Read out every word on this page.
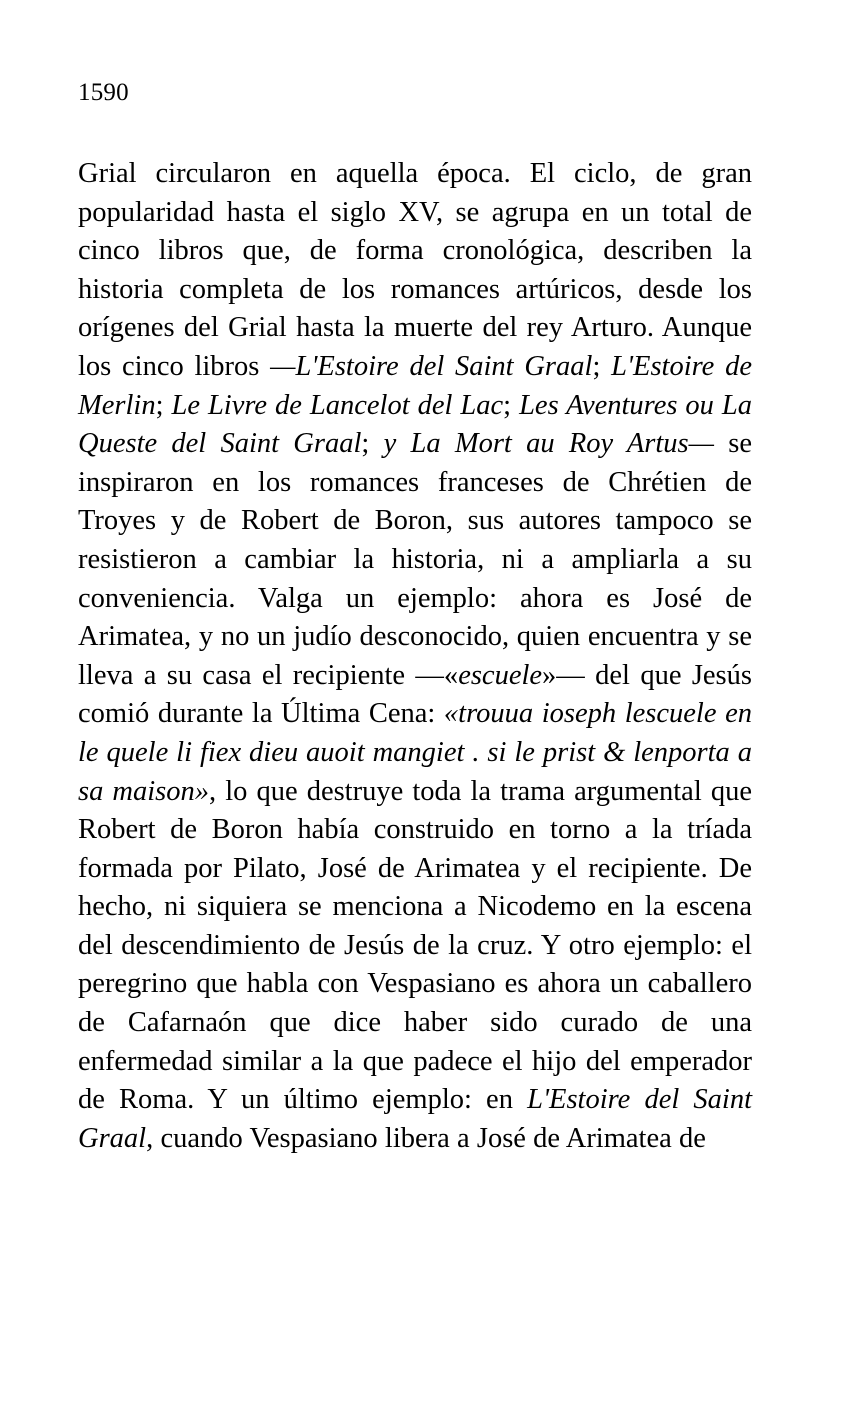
1590

Grial circularon en aquella época. El ciclo, de gran popularidad hasta el siglo XV, se agrupa en un total de cinco libros que, de forma cronológica, describen la historia completa de los romances artúricos, desde los orígenes del Grial hasta la muerte del rey Arturo. Aunque los cinco libros —L'Estoire del Saint Graal; L'Estoire de Merlin; Le Livre de Lancelot del Lac; Les Aventures ou La Queste del Saint Graal; y La Mort au Roy Artus— se inspiraron en los romances franceses de Chrétien de Troyes y de Robert de Boron, sus autores tampoco se resistieron a cambiar la historia, ni a ampliarla a su conveniencia. Valga un ejemplo: ahora es José de Arimatea, y no un judío desconocido, quien encuentra y se lleva a su casa el recipiente —«escuele»— del que Jesús comió durante la Última Cena: «trouua ioseph lescuele en le quele li fiex dieu auoit mangiet . si le prist & lenporta a sa maison», lo que destruye toda la trama argumental que Robert de Boron había construido en torno a la tríada formada por Pilato, José de Arimatea y el recipiente. De hecho, ni siquiera se menciona a Nicodemo en la escena del descendimiento de Jesús de la cruz. Y otro ejemplo: el peregrino que habla con Vespasiano es ahora un caballero de Cafarnaón que dice haber sido curado de una enfermedad similar a la que padece el hijo del emperador de Roma. Y un último ejemplo: en L'Estoire del Saint Graal, cuando Vespasiano libera a José de Arimatea de
